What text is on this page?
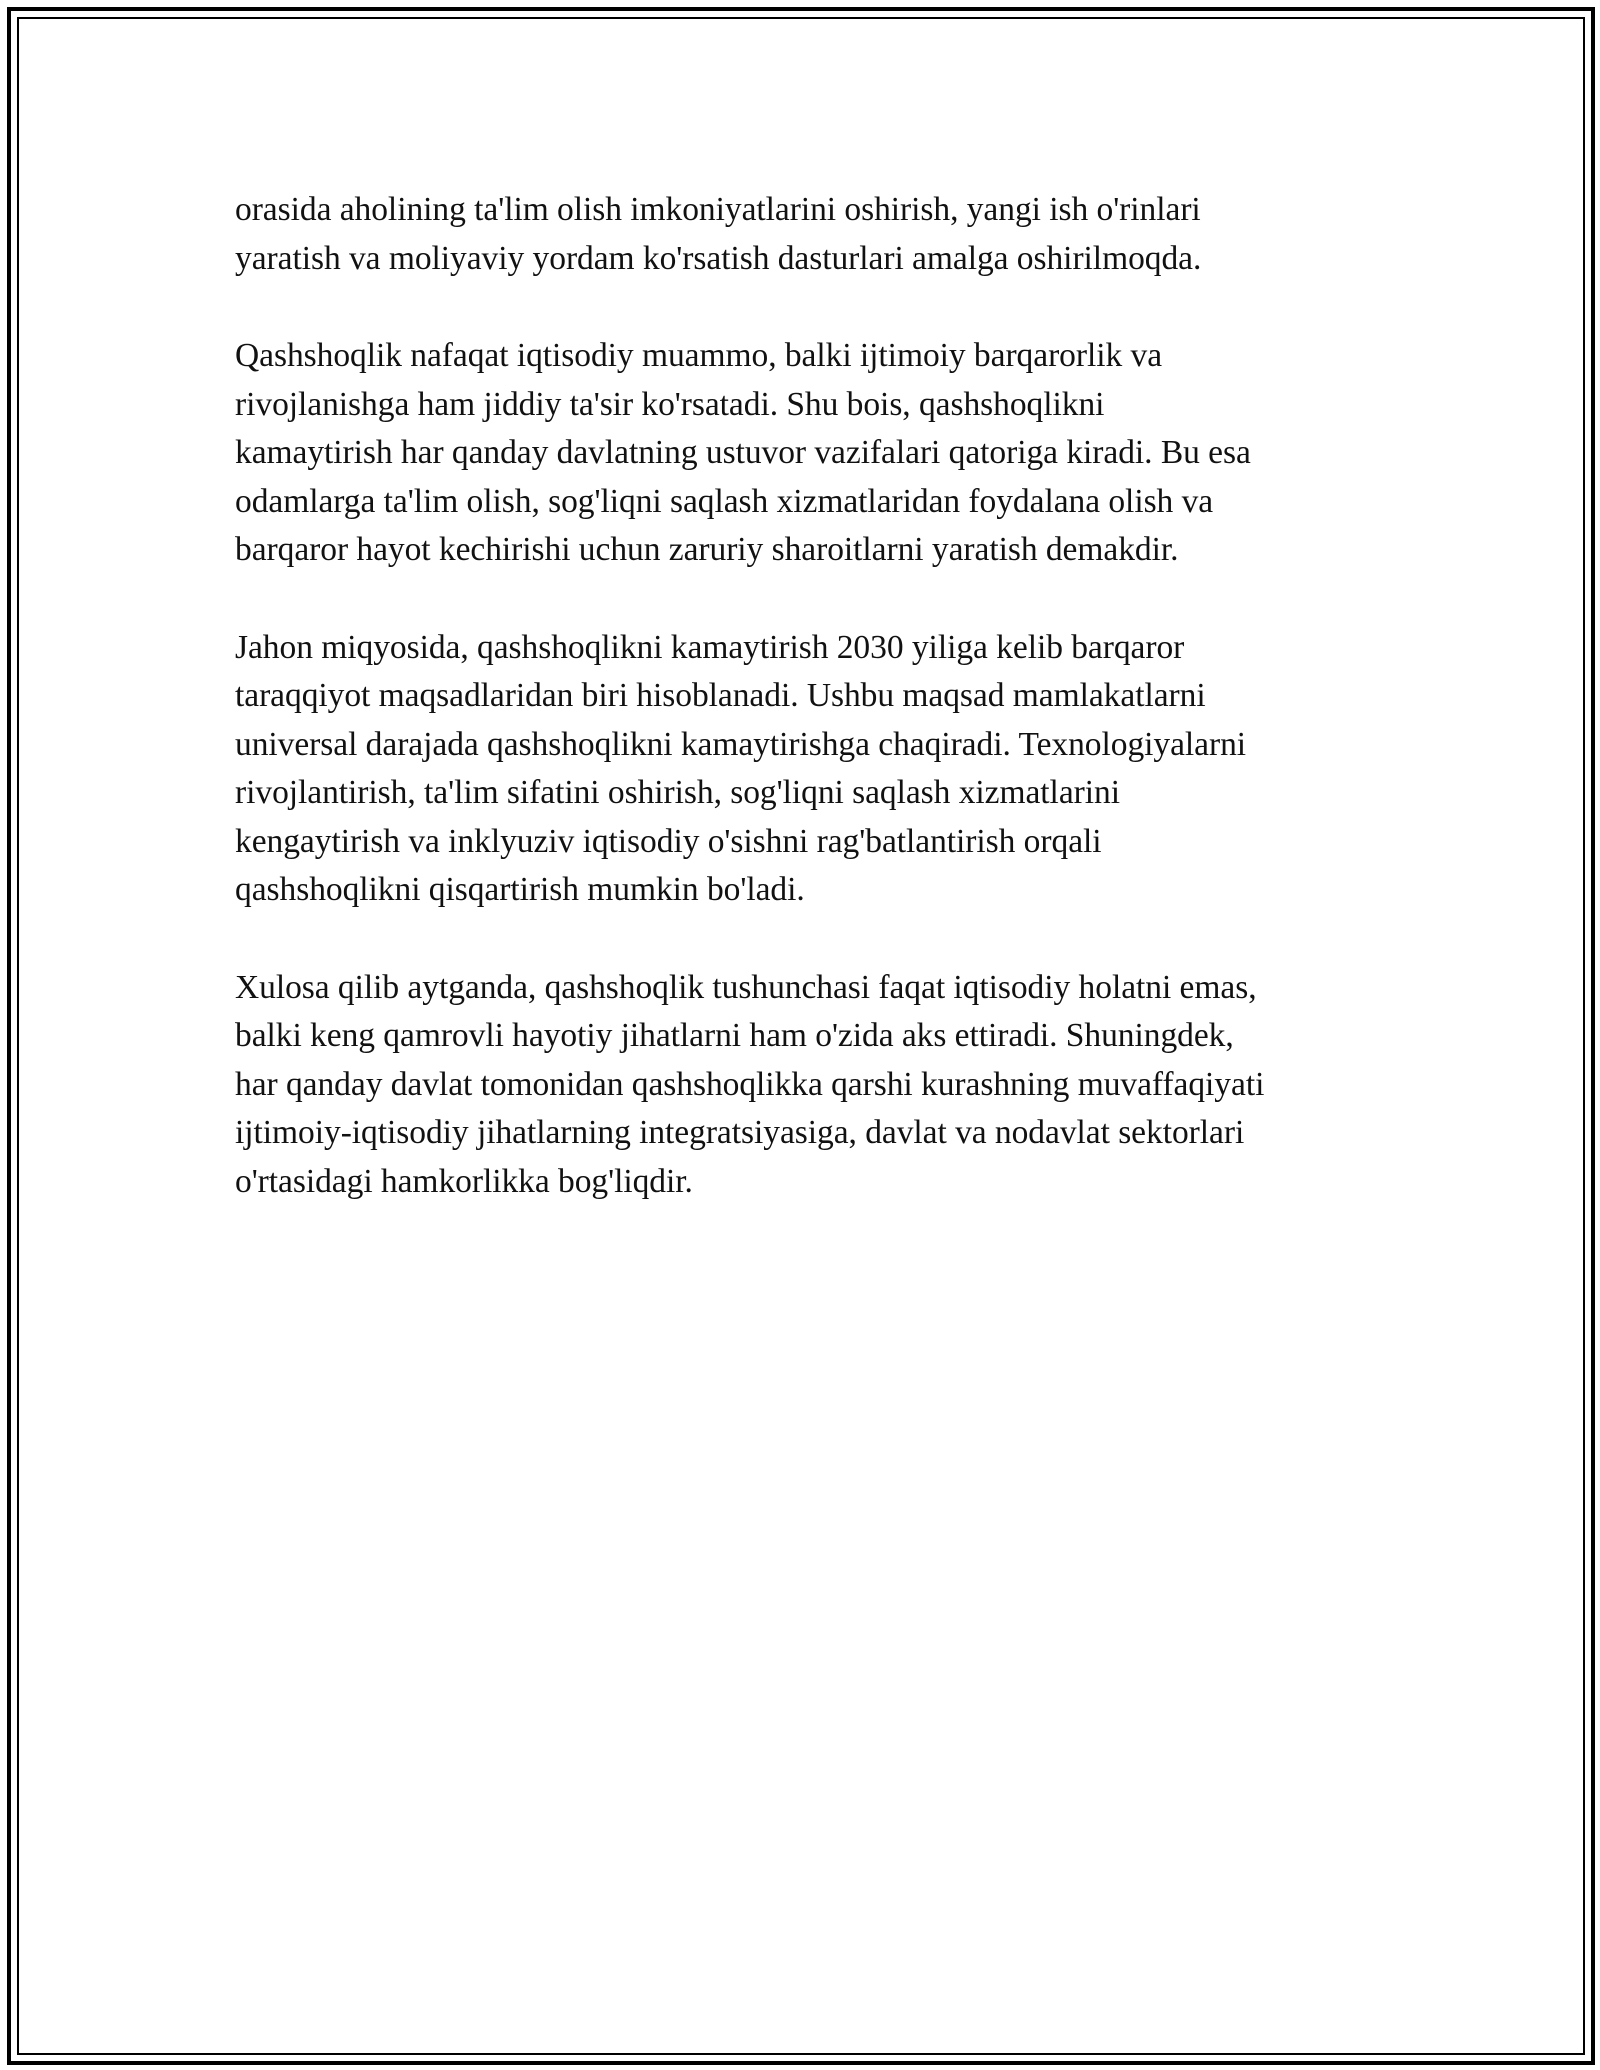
orasida aholining ta'lim olish imkoniyatlarini oshirish, yangi ish o'rinlari
yaratish va moliyaviy yordam ko'rsatish dasturlari amalga oshirilmoqda.

Qashshoqlik nafaqat iqtisodiy muammo, balki ijtimoiy barqarorlik va
rivojlanishga ham jiddiy ta'sir ko'rsatadi. Shu bois, qashshoqlikni
kamaytirish har qanday davlatning ustuvor vazifalari qatoriga kiradi. Bu esa
odamlarga ta'lim olish, sog'liqni saqlash xizmatlaridan foydalana olish va
barqaror hayot kechirishi uchun zaruriy sharoitlarni yaratish demakdir.

Jahon miqyosida, qashshoqlikni kamaytirish 2030 yiliga kelib barqaror
taraqqiyot maqsadlaridan biri hisoblanadi. Ushbu maqsad mamlakatlarni
universal darajada qashshoqlikni kamaytirishga chaqiradi. Texnologiyalarni
rivojlantirish, ta'lim sifatini oshirish, sog'liqni saqlash xizmatlarini
kengaytirish va inklyuziv iqtisodiy o'sishni rag'batlantirish orqali
qashshoqlikni qisqartirish mumkin bo'ladi.

Xulosa qilib aytganda, qashshoqlik tushunchasi faqat iqtisodiy holatni emas,
balki keng qamrovli hayotiy jihatlarni ham o'zida aks ettiradi. Shuningdek,
har qanday davlat tomonidan qashshoqlikka qarshi kurashning muvaffaqiyati
ijtimoiy-iqtisodiy jihatlarning integratsiyasiga, davlat va nodavlat sektorlari
o'rtasidagi hamkorlikka bog'liqdir.
